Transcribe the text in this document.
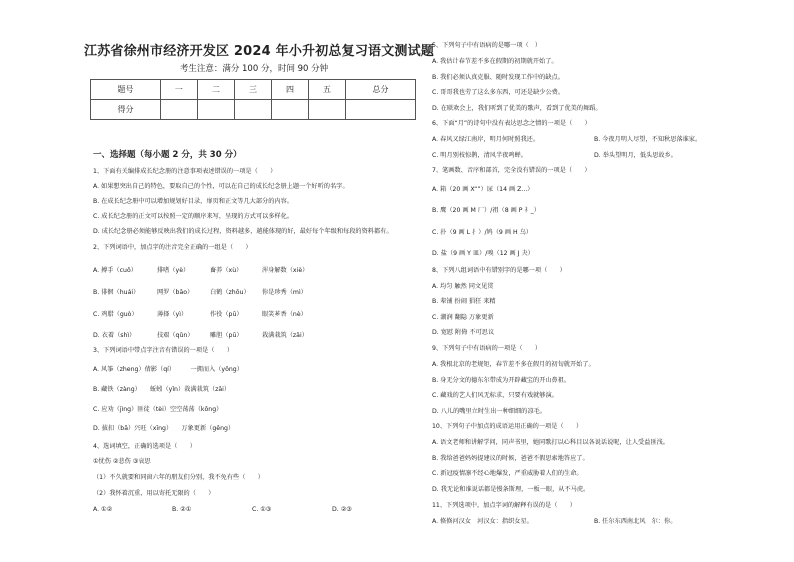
江苏省徐州市经济开发区 2024 年小升初总复习语文测试题
考生注意：满分 100 分，时间 90 分钟
题号	一	二	三	四	五	总分
得分						
一、选择题（每小题 2 分，共 30 分）
1、下面有关编排成长纪念册的注意事项表述错误的一项是（　　）
A. 如果想突出自己的特色，要取自己的个性，可以在自己的成长纪念册上题一个好听的名字。
B. 在成长纪念册中可以增加规划好目录，扉页和正文等几大部分的内容。
C. 成长纪念册的正文可以按照一定的顺序来写，呈现的方式可以多样化。
D. 成长纪念册必须能够反映出我们的成长过程，资料越多，越能体现的好，最好每个年级和每段的资料都有。
2、下列词语中，加点字的注音完全正确的一组是（　　）
A. 搏手（cuō）	排嗜（yè）	畜养（xù）	浑身解数（xiè）
B. 俳徊（huái）	网罗（bāo）	白鹤（zhōu） 你是珍秀（mì）
C. 鸡腊（guò）	薄择（yì）	作役（pū）	眼笑芗香（nè）
D. 衣着（shì）	技艰（qǔn）	雕胆（pū）	栽满栽筑（zāi）
3、下列词语中带点字注音有错误的一项是（　　）
A. 风筝（zheng）倩影（qí）　　　一拥而入（yōng）
B. 藏铁（zàng）　　蚯蚓（yǐn）栽满栽筑（zāi）
C. 应劝（jìng）匪徒（tèi）空空荡荡（kōng）
D. 拔扣（bā）兴旺（xīng）　　万象更新（gēng）
4、选词填空，正确的选项是（　　）
①忧伤 ②悲伤 ③哀思
（1）不久就要和同窗六年的朋友们分别，我不免有些（　　）
（2）我怀着沉重，用以寄托无限的（　　）
A. ①②	B. ②①	C. ①③	D. ②③
5、下列句子中有语病的是哪一项（　）
A. 我估计春节差不多在假期的初期就开始了。
B. 我们必须认真克服、随时发现工作中的缺点。
C. 哥哥我也劳了这么多东西，可还是缺少公费。
D. 在联欢会上，我们听到了优美的歌声，看到了优美的舞蹈。
6、下面“月”的诗句中没有表达思念之情的一项是（　　）
A. 春风又绿江南岸，明月何时照我还。	B. 今夜月明人尽望，不知秋思落谁家。
C. 明月别枝惊鹊，清风半夜鸣蝉。	D. 举头望明月，低头思故乡。
7、笔画数、音序和部首，完全没有错误的一项是（　　）
A. 箱（20 画 X“”）尿（14 画 Z...）
B. 鹰（20 画 M 厂）/祖（8 画 P 礻_）
C. 扑（9 画 L 扌）/鸠（9 画 H 乌）
D. 盐（9 画 Y 皿）/嗅（12 画 J 夬）
8、下列八组词语中有错别字的是哪一项（　　）
A. 均匀 触然 同文见贯
B. 辈铺 扮闹 猖狂 来精
C. 潮润 翻隐 万象更新
D. 宽慰 附倚 不可思议
9、下列句子中有语病的一项是（　　）
A. 我根北京的老规矩，春节差不多在假月的初旬就开始了。
B. 身无分文的德东尔带成为开辟藏宝的开山鼻祖。
C. 藏戏的艺人们风无标求，只要有戏就够演。
D. 八儿的嘴里立时生出一种细细的凉毛。
10、下列句子中加点的成语运用正确的一项是（　　）
A. 语文老师和讲解学问，同声书里，她同歌打以心科目以各说话说呢，让人受益匪浅。
B. 我给爸爸妈妈提建议的时候，爸爸不假思索地答应了。
C. 新冠疫情凛不经心地爆发，严重威胁着人们的生命。
D. 我无论和谁说话都是慢条斯理，一板一眼，从不马虎。
11、下列选项中，加点字词的解释有误的是（　　）
A. 倏倏河汉女　河汉女：指织女星。	B. 任尔东西南北风　尔：你。
